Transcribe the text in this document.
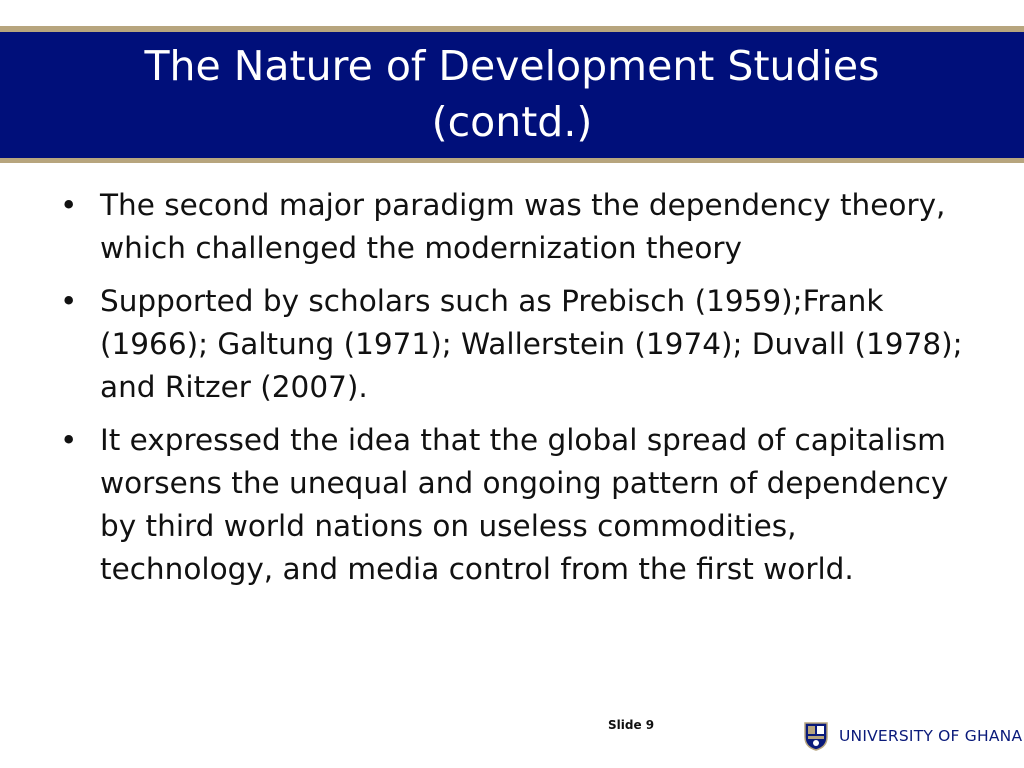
The Nature of Development Studies
(contd.)
• The second major paradigm was the dependency theory, which challenged the modernization theory
• Supported by scholars such as Prebisch (1959);Frank (1966); Galtung (1971); Wallerstein (1974); Duvall (1978); and Ritzer (2007).
• It expressed the idea that the global spread of capitalism worsens the unequal and ongoing pattern of dependency by third world nations on useless commodities, technology, and media control from the first world.
Slide 9
UNIVERSITY OF GHANA
